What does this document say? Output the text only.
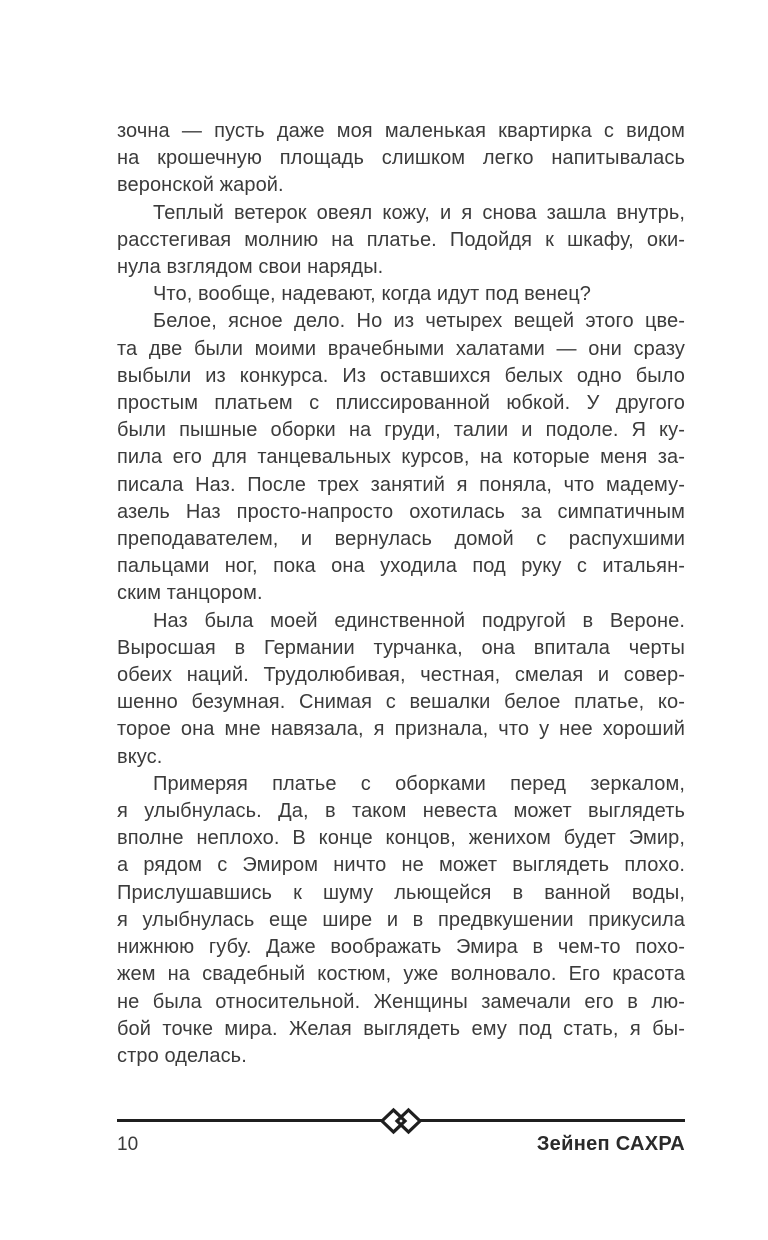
зочна — пусть даже моя маленькая квартирка с видом
на крошечную площадь слишком легко напитывалась
веронской жарой.
Теплый ветерок овеял кожу, и я снова зашла внутрь,
расстегивая молнию на платье. Подойдя к шкафу, оки-
нула взглядом свои наряды.
Что, вообще, надевают, когда идут под венец?
Белое, ясное дело. Но из четырех вещей этого цве-
та две были моими врачебными халатами — они сразу
выбыли из конкурса. Из оставшихся белых одно было
простым платьем с плиссированной юбкой. У другого
были пышные оборки на груди, талии и подоле. Я ку-
пила его для танцевальных курсов, на которые меня за-
писала Наз. После трех занятий я поняла, что мадему-
азель Наз просто-напросто охотилась за симпатичным
преподавателем, и вернулась домой с распухшими
пальцами ног, пока она уходила под руку с итальян-
ским танцором.
Наз была моей единственной подругой в Вероне.
Выросшая в Германии турчанка, она впитала черты
обеих наций. Трудолюбивая, честная, смелая и совер-
шенно безумная. Снимая с вешалки белое платье, ко-
торое она мне навязала, я признала, что у нее хороший
вкус.
Примеряя платье с оборками перед зеркалом,
я улыбнулась. Да, в таком невеста может выглядеть
вполне неплохо. В конце концов, женихом будет Эмир,
а рядом с Эмиром ничто не может выглядеть плохо.
Прислушавшись к шуму льющейся в ванной воды,
я улыбнулась еще шире и в предвкушении прикусила
нижнюю губу. Даже воображать Эмира в чем-то похо-
жем на свадебный костюм, уже волновало. Его красота
не была относительной. Женщины замечали его в лю-
бой точке мира. Желая выглядеть ему под стать, я бы-
стро оделась.
10	Зейнеп САХРА
